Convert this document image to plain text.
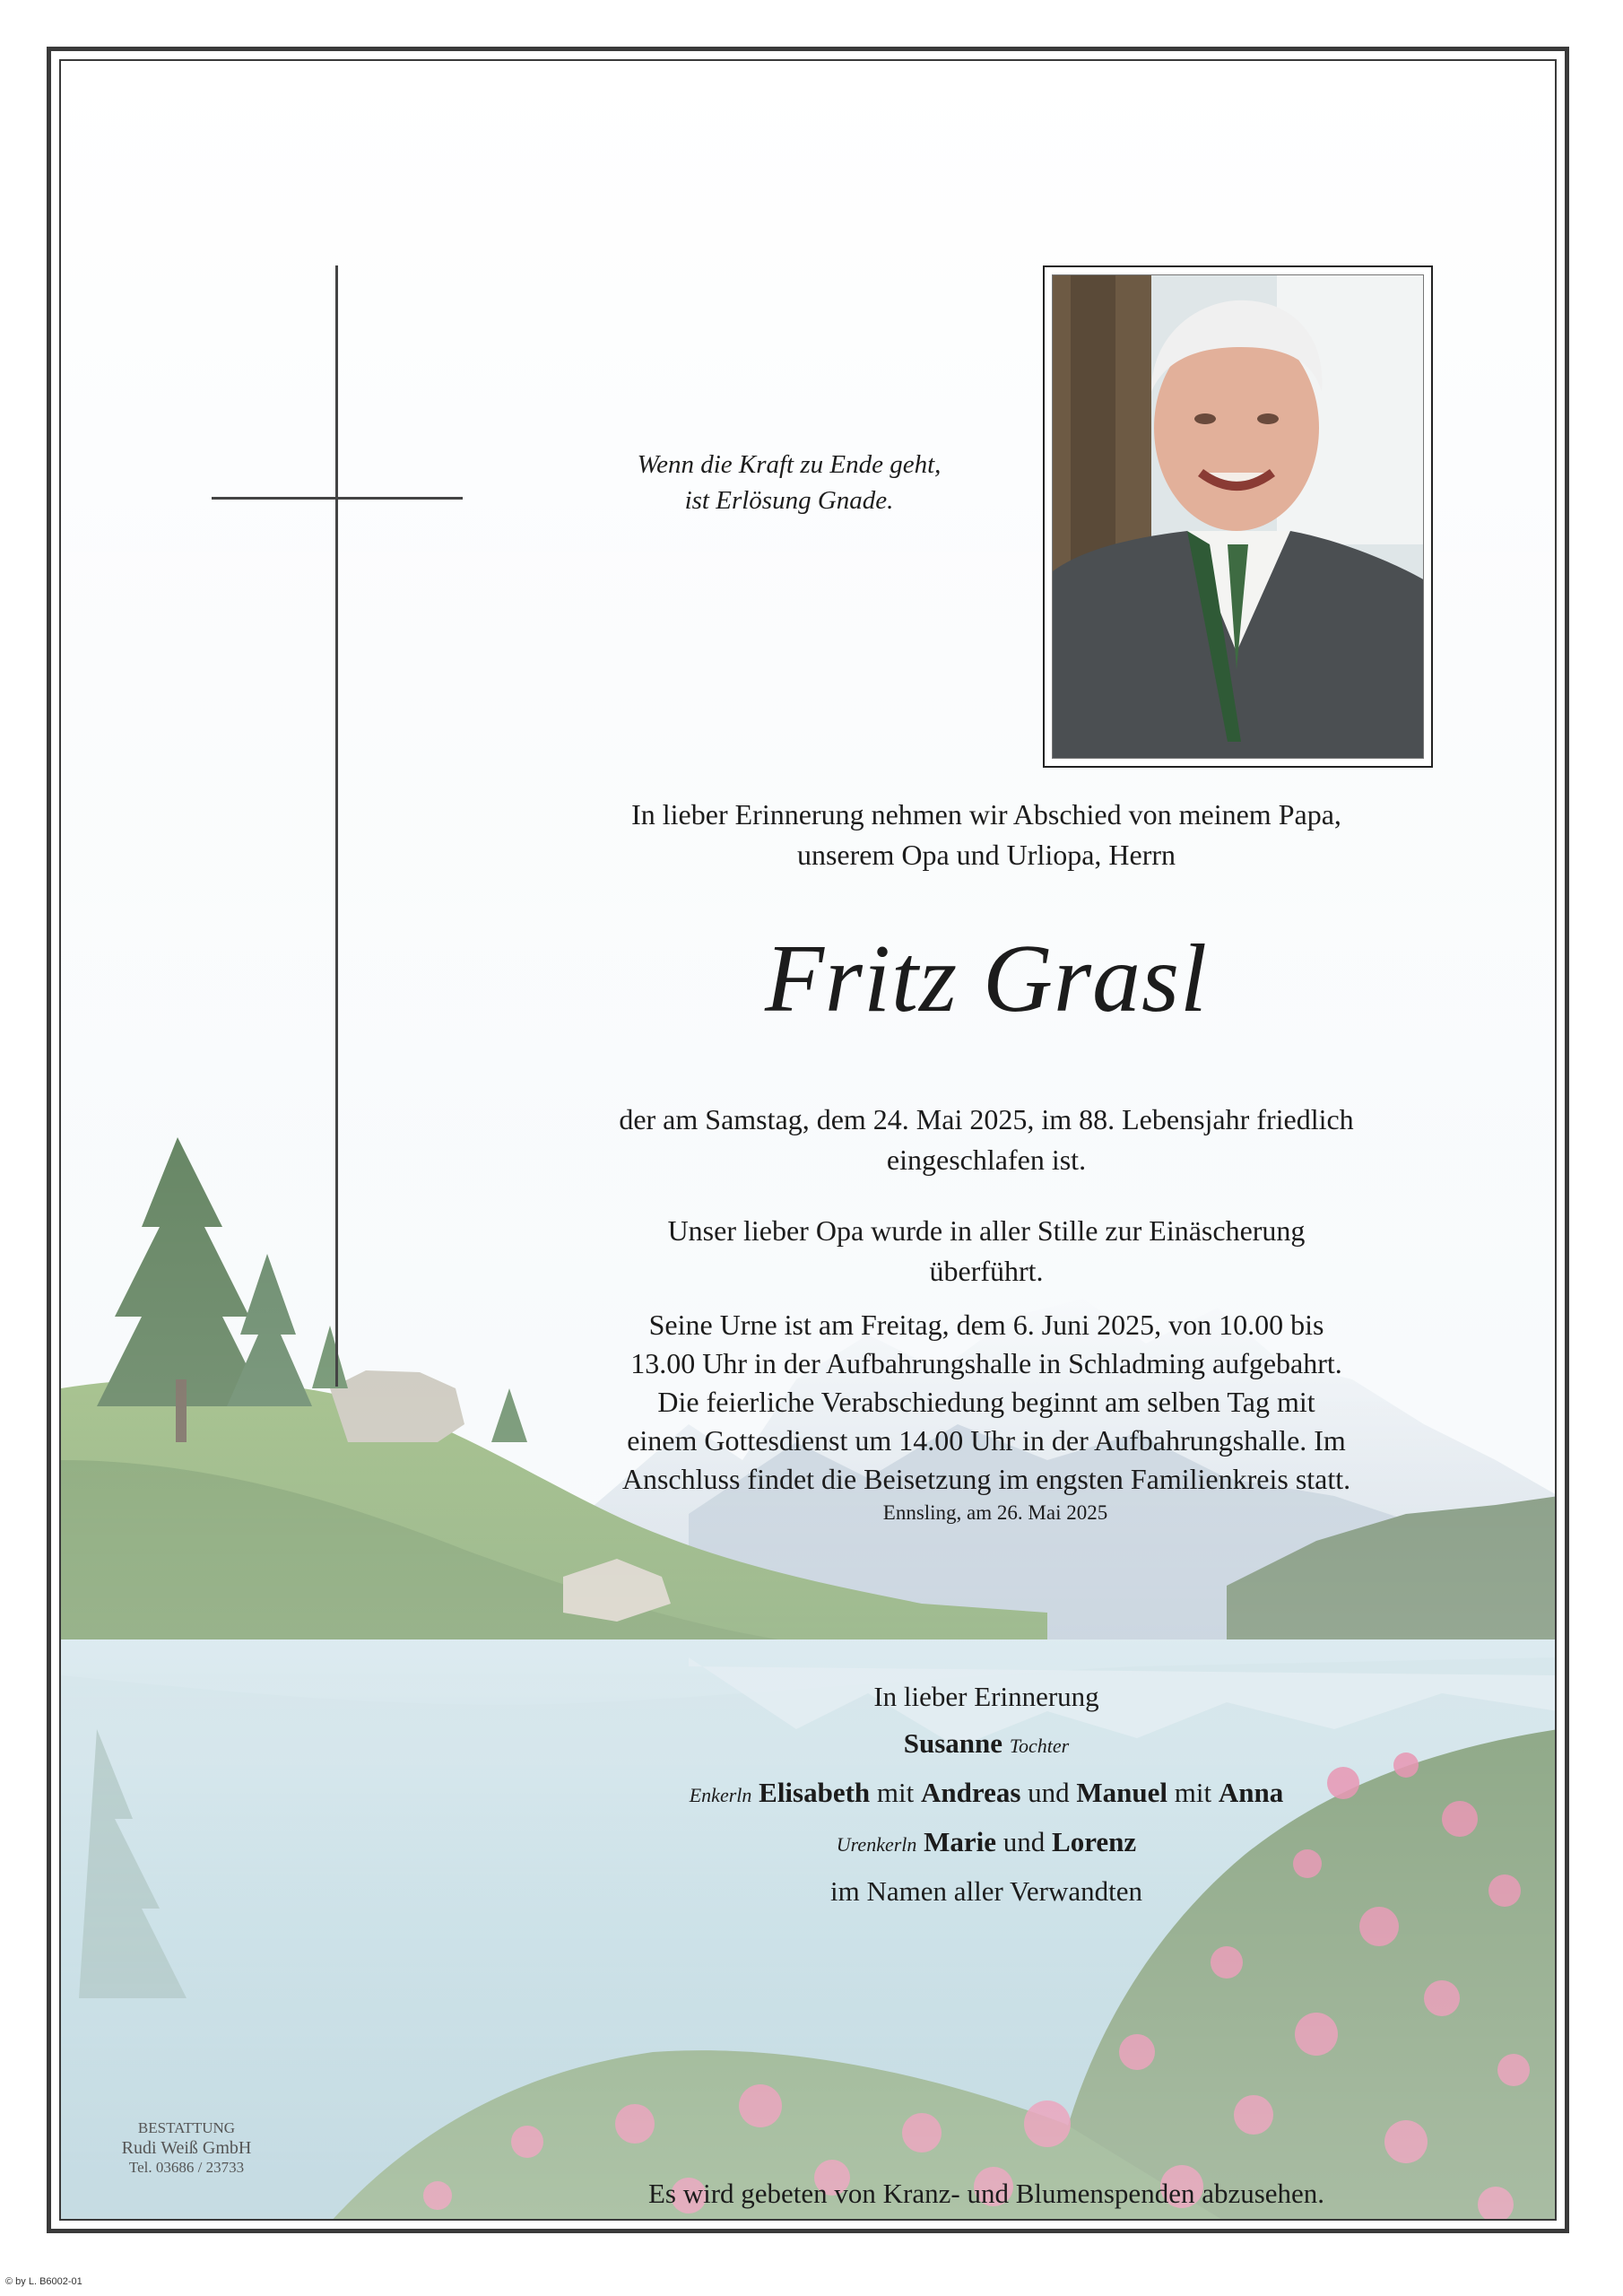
Wenn die Kraft zu Ende geht,
ist Erlösung Gnade.
In lieber Erinnerung nehmen wir Abschied von meinem Papa,
unserem Opa und Urliopa, Herrn
Fritz Grasl
der am Samstag, dem 24. Mai 2025, im 88. Lebensjahr friedlich
eingeschlafen ist.
Unser lieber Opa wurde in aller Stille zur Einäscherung
überführt.
Seine Urne ist am Freitag, dem 6. Juni 2025, von 10.00 bis
13.00 Uhr in der Aufbahrungshalle in Schladming aufgebahrt.
Die feierliche Verabschiedung beginnt am selben Tag mit
einem Gottesdienst um 14.00 Uhr in der Aufbahrungshalle. Im
Anschluss findet die Beisetzung im engsten Familienkreis statt.
Ennsling, am 26. Mai 2025
In lieber Erinnerung
Susanne Tochter
Enkerln Elisabeth mit Andreas und Manuel mit Anna
Urenkerln Marie und Lorenz
im Namen aller Verwandten
Es wird gebeten von Kranz- und Blumenspenden abzusehen.
BESTATTUNG
Rudi Weiß GmbH
Tel. 03686 / 23733
© by L. B6002-01
